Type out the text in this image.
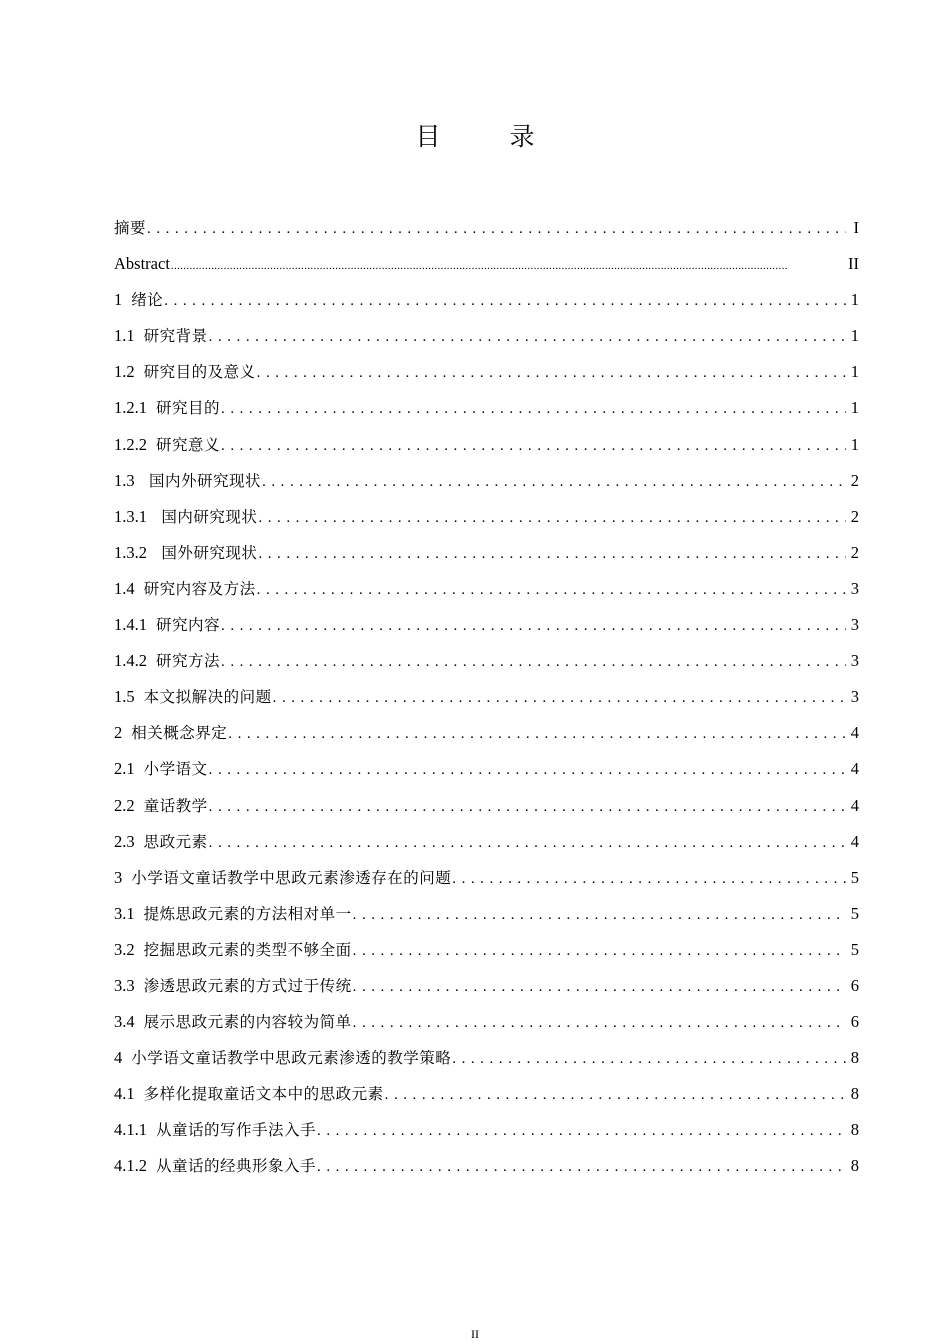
目　录
摘要 . . .	I
Abstract . . .	II
1 绪论 . . .	1
1.1 研究背景 . . .	1
1.2 研究目的及意义 . . .	1
1.2.1 研究目的 . . .	1
1.2.2 研究意义 . . .	1
1.3 国内外研究现状 . . .	2
1.3.1 国内研究现状 . . .	2
1.3.2 国外研究现状 . . .	2
1.4 研究内容及方法 . . .	3
1.4.1 研究内容 . . .	3
1.4.2 研究方法 . . .	3
1.5 本文拟解决的问题 . . .	3
2 相关概念界定 . . .	4
2.1 小学语文 . . .	4
2.2 童话教学 . . .	4
2.3 思政元素 . . .	4
3 小学语文童话教学中思政元素渗透存在的问题 . . .	5
3.1 提炼思政元素的方法相对单一 . . .	5
3.2 挖掘思政元素的类型不够全面 . . .	5
3.3 渗透思政元素的方式过于传统 . . .	6
3.4 展示思政元素的内容较为简单 . . .	6
4 小学语文童话教学中思政元素渗透的教学策略 . . .	8
4.1 多样化提取童话文本中的思政元素 . . .	8
4.1.1 从童话的写作手法入手 . . .	8
4.1.2 从童话的经典形象入手 . . .	8
II
